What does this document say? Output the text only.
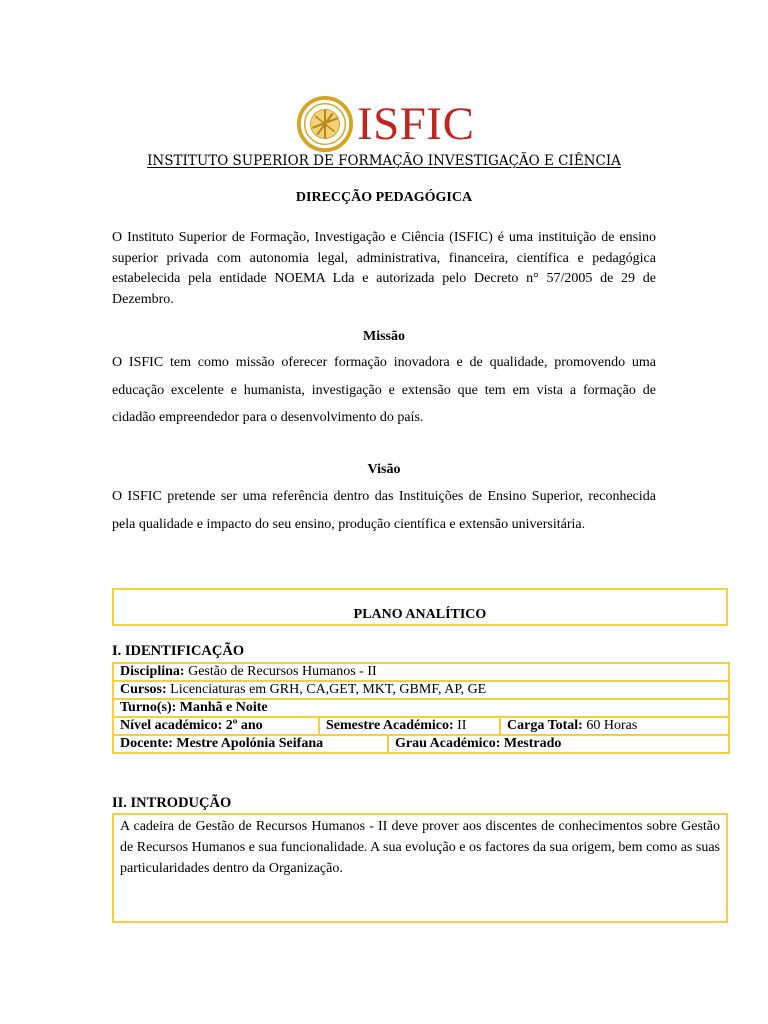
ISFIC
INSTITUTO SUPERIOR DE FORMAÇÃO INVESTIGAÇÃO E CIÊNCIA
DIRECÇÃO PEDAGÓGICA
O Instituto Superior de Formação, Investigação e Ciência (ISFIC) é uma instituição de ensino superior privada com autonomia legal, administrativa, financeira, científica e pedagógica estabelecida pela entidade NOEMA Lda e autorizada pelo Decreto n° 57/2005 de 29 de Dezembro.
Missão
O ISFIC tem como missão oferecer formação inovadora e de qualidade, promovendo uma educação excelente e humanista, investigação e extensão que tem em vista a formação de cidadão empreendedor para o desenvolvimento do país.
Visão
O ISFIC pretende ser uma referência dentro das Instituições de Ensino Superior, reconhecida pela qualidade e impacto do seu ensino, produção científica e extensão universitária.
PLANO ANALÍTICO
I. IDENTIFICAÇÃO
Disciplina: Gestão de Recursos Humanos - II			
Cursos: Licenciaturas em GRH, CA,GET, MKT, GBMF, AP, GE			
Turno(s): Manhã e Noite			
Nível académico: 2º ano	Semestre Académico: II		Carga Total: 60 Horas
Docente: Mestre Apolónia Seifana		Grau Académico: Mestrado	
II. INTRODUÇÃO
A cadeira de Gestão de Recursos Humanos - II deve prover aos discentes de conhecimentos sobre Gestão de Recursos Humanos e sua funcionalidade. A sua evolução e os factores da sua origem, bem como as suas particularidades dentro da Organização.
